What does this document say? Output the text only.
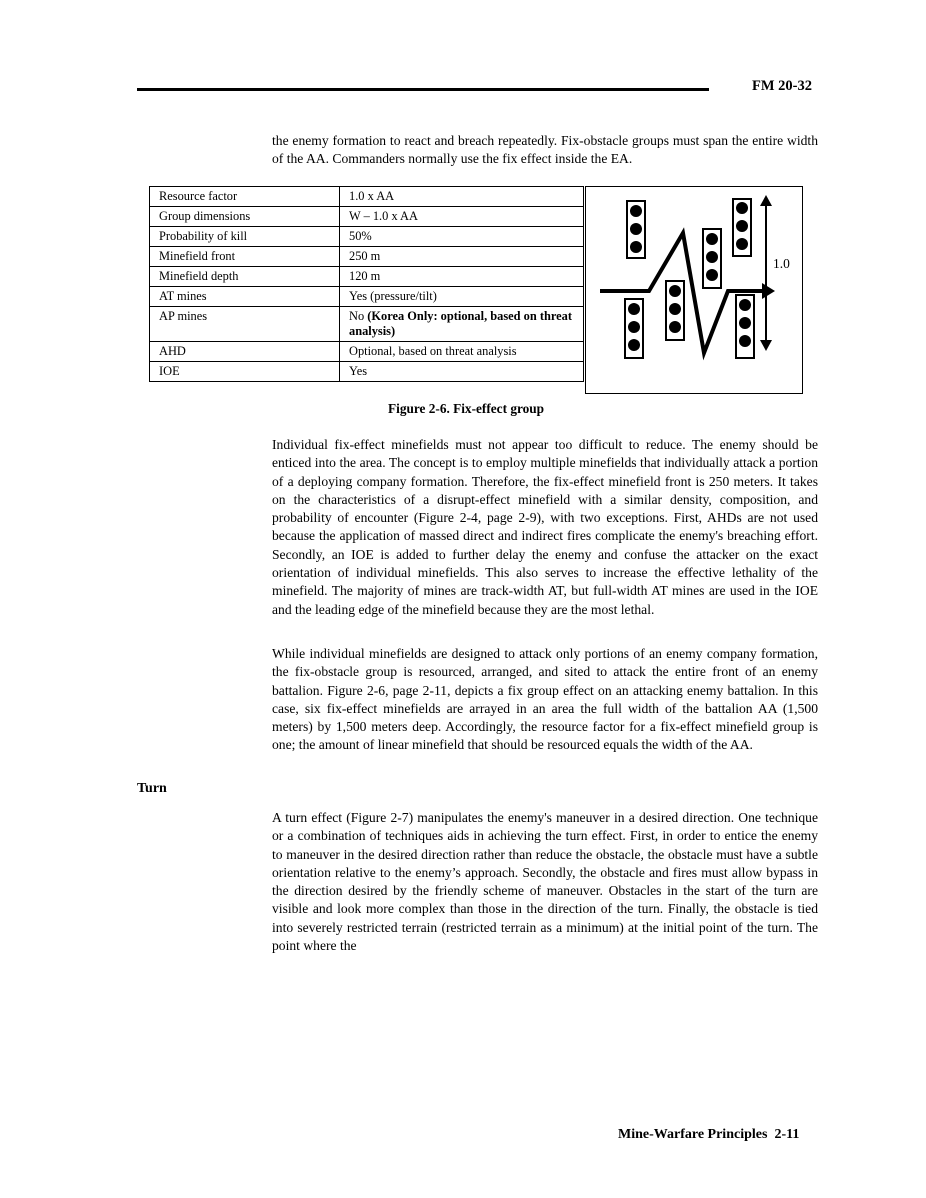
FM 20-32

the enemy formation to react and breach repeatedly. Fix-obstacle groups must span the entire width of the AA. Commanders normally use the fix effect inside the EA.

Resource factor	1.0 x AA
Group dimensions	W – 1.0 x AA
Probability of kill	50%
Minefield front	250 m
Minefield depth	120 m
AT mines	Yes (pressure/tilt)
AP mines	No (Korea Only: optional, based on threat analysis)
AHD	Optional, based on threat analysis
IOE	Yes
1.0
Figure 2-6. Fix-effect group

Individual fix-effect minefields must not appear too difficult to reduce. The enemy should be enticed into the area. The concept is to employ multiple minefields that individually attack a portion of a deploying company formation. Therefore, the fix-effect minefield front is 250 meters. It takes on the characteristics of a disrupt-effect minefield with a similar density, composition, and probability of encounter (Figure 2-4, page 2-9), with two exceptions. First, AHDs are not used because the application of massed direct and indirect fires complicate the enemy's breaching effort. Secondly, an IOE is added to further delay the enemy and confuse the attacker on the exact orientation of individual minefields. This also serves to increase the effective lethality of the minefield. The majority of mines are track-width AT, but full-width AT mines are used in the IOE and the leading edge of the minefield because they are the most lethal.

While individual minefields are designed to attack only portions of an enemy company formation, the fix-obstacle group is resourced, arranged, and sited to attack the entire front of an enemy battalion. Figure 2-6, page 2-11, depicts a fix group effect on an attacking enemy battalion. In this case, six fix-effect minefields are arrayed in an area the full width of the battalion AA (1,500 meters) by 1,500 meters deep. Accordingly, the resource factor for a fix-effect minefield group is one; the amount of linear minefield that should be resourced equals the width of the AA.

Turn

A turn effect (Figure 2-7) manipulates the enemy's maneuver in a desired direction. One technique or a combination of techniques aids in achieving the turn effect. First, in order to entice the enemy to maneuver in the desired direction rather than reduce the obstacle, the obstacle must have a subtle orientation relative to the enemy’s approach. Secondly, the obstacle and fires must allow bypass in the direction desired by the friendly scheme of maneuver. Obstacles in the start of the turn are visible and look more complex than those in the direction of the turn. Finally, the obstacle is tied into severely restricted terrain (restricted terrain as a minimum) at the initial point of the turn. The point where the

Mine-Warfare Principles 2-11
